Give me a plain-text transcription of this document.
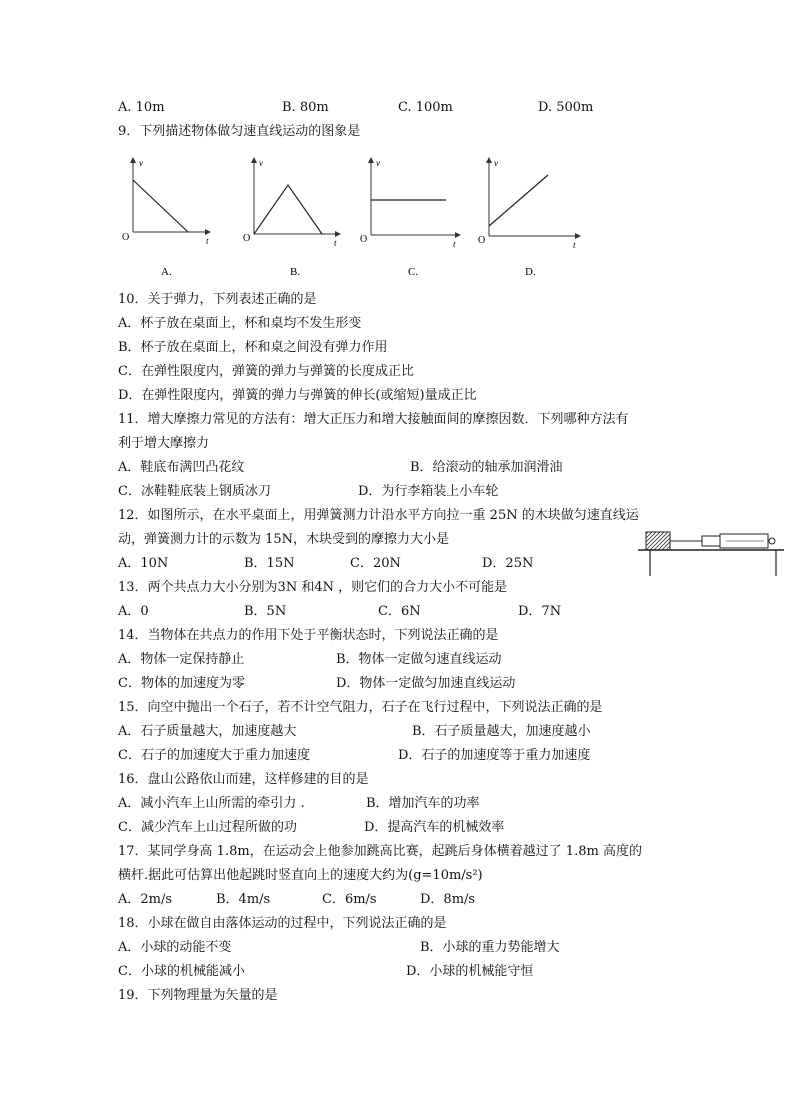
A. 10m	B. 80m	C. 100m	D. 500m
9．下列描述物体做匀速直线运动的图象是
v
t
O
A.
v
t
O
B.
v
t
O
C.
v
t
O
D.
10．关于弹力，下列表述正确的是
A．杯子放在桌面上，杯和桌均不发生形变
B．杯子放在桌面上，杯和桌之间没有弹力作用
C．在弹性限度内，弹簧的弹力与弹簧的长度成正比
D．在弹性限度内，弹簧的弹力与弹簧的伸长(或缩短)量成正比
11．增大摩擦力常见的方法有：增大正压力和增大接触面间的摩擦因数．下列哪种方法有
利于增大摩擦力
A．鞋底布满凹凸花纹	B．给滚动的轴承加润滑油
C．冰鞋鞋底装上钢质冰刀	D．为行李箱装上小车轮
12．如图所示，在水平桌面上，用弹簧测力计沿水平方向拉一重 25N 的木块做匀速直线运
动，弹簧测力计的示数为 15N，木块受到的摩擦力大小是
A．10N	B．15N	C．20N	D．25N
13．两个共点力大小分别为3N 和4N ，则它们的合力大小不可能是
A．0	B．5N	C．6N	D．7N
14．当物体在共点力的作用下处于平衡状态时，下列说法正确的是
A．物体一定保持静止	B．物体一定做匀速直线运动
C．物体的加速度为零	D．物体一定做匀加速直线运动
15．向空中抛出一个石子，若不计空气阻力，石子在飞行过程中，下列说法正确的是
A．石子质量越大，加速度越大	B．石子质量越大，加速度越小
C．石子的加速度大于重力加速度	D．石子的加速度等于重力加速度
16．盘山公路依山而建，这样修建的目的是
A．减小汽车上山所需的牵引力 .	B．增加汽车的功率
C．减少汽车上山过程所做的功	D．提高汽车的机械效率
17．某同学身高 1.8m，在运动会上他参加跳高比赛，起跳后身体横着越过了 1.8m 高度的
横杆.据此可估算出他起跳时竖直向上的速度大约为(g=10m/s²)
A．2m/s	B．4m/s	C．6m/s	D．8m/s
18．小球在做自由落体运动的过程中，下列说法正确的是
A．小球的动能不变	B．小球的重力势能增大
C．小球的机械能减小	D．小球的机械能守恒
19．下列物理量为矢量的是
